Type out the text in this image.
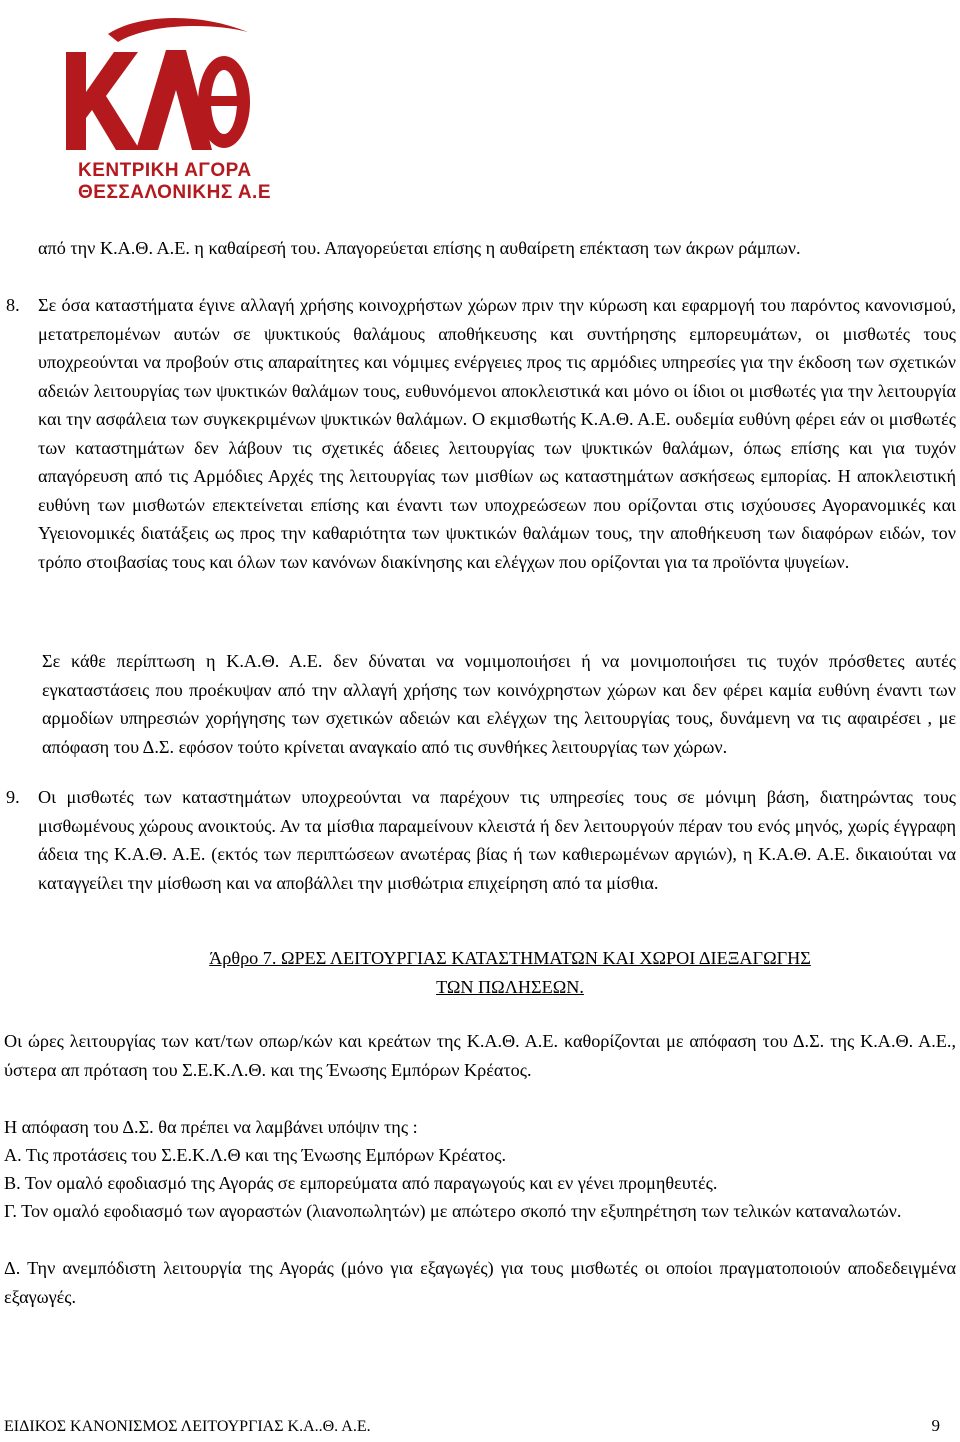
ΚΕΝΤΡΙΚΗ ΑΓΟΡΑ
ΘΕΣΣΑΛΟΝΙΚΗΣ Α.Ε
από την Κ.Α.Θ. Α.Ε. η καθαίρεσή του. Απαγορεύεται επίσης η αυθαίρετη επέκταση των άκρων ράμπων.
8. Σε όσα καταστήματα έγινε αλλαγή χρήσης κοινοχρήστων χώρων πριν την κύρωση και εφαρμογή του παρόντος κανονισμού, μετατρεπομένων αυτών σε ψυκτικούς θαλάμους αποθήκευσης και συντήρησης εμπορευμάτων, οι μισθωτές τους υποχρεούνται να προβούν στις απαραίτητες και νόμιμες ενέργειες προς τις αρμόδιες υπηρεσίες για την έκδοση των σχετικών αδειών λειτουργίας των ψυκτικών θαλάμων τους, ευθυνόμενοι αποκλειστικά και μόνο οι ίδιοι οι μισθωτές για την λειτουργία και την ασφάλεια των συγκεκριμένων ψυκτικών θαλάμων. Ο εκμισθωτής Κ.Α.Θ. Α.Ε. ουδεμία ευθύνη φέρει εάν οι μισθωτές των καταστημάτων δεν λάβουν τις σχετικές άδειες λειτουργίας των ψυκτικών θαλάμων, όπως επίσης και για τυχόν απαγόρευση από τις Αρμόδιες Αρχές της λειτουργίας των μισθίων ως καταστημάτων ασκήσεως εμπορίας. Η αποκλειστική ευθύνη των μισθωτών επεκτείνεται επίσης και έναντι των υποχρεώσεων που ορίζονται στις ισχύουσες Αγορανομικές και Υγειονομικές διατάξεις ως προς την καθαριότητα των ψυκτικών θαλάμων τους, την αποθήκευση των διαφόρων ειδών, τον τρόπο στοιβασίας τους και όλων των κανόνων διακίνησης και ελέγχων που ορίζονται για τα προϊόντα ψυγείων.
Σε κάθε περίπτωση η Κ.Α.Θ. Α.Ε. δεν δύναται να νομιμοποιήσει ή να μονιμοποιήσει τις τυχόν πρόσθετες αυτές εγκαταστάσεις που προέκυψαν από την αλλαγή χρήσης των κοινόχρηστων χώρων και δεν φέρει καμία ευθύνη έναντι των αρμοδίων υπηρεσιών χορήγησης των σχετικών αδειών και ελέγχων της λειτουργίας τους, δυνάμενη να τις αφαιρέσει , με απόφαση του Δ.Σ. εφόσον τούτο κρίνεται αναγκαίο από τις συνθήκες λειτουργίας των χώρων.
9. Οι μισθωτές των καταστημάτων υποχρεούνται να παρέχουν τις υπηρεσίες τους σε μόνιμη βάση, διατηρώντας τους μισθωμένους χώρους ανοικτούς. Αν τα μίσθια παραμείνουν κλειστά ή δεν λειτουργούν πέραν του ενός μηνός, χωρίς έγγραφη άδεια της Κ.Α.Θ. Α.Ε. (εκτός των περιπτώσεων ανωτέρας βίας ή των καθιερωμένων αργιών), η Κ.Α.Θ. Α.Ε. δικαιούται να καταγγείλει την μίσθωση και να αποβάλλει την μισθώτρια επιχείρηση από τα μίσθια.
Άρθρο 7. ΩΡΕΣ ΛΕΙΤΟΥΡΓΙΑΣ ΚΑΤΑΣΤΗΜΑΤΩΝ ΚΑΙ ΧΩΡΟΙ ΔΙΕΞΑΓΩΓΗΣ
ΤΩΝ ΠΩΛΗΣΕΩΝ.
Οι ώρες λειτουργίας των κατ/των οπωρ/κών και κρεάτων της Κ.Α.Θ. Α.Ε. καθορίζονται με απόφαση του Δ.Σ. της Κ.Α.Θ. Α.Ε., ύστερα απ πρόταση του Σ.Ε.Κ.Λ.Θ. και της Ένωσης Εμπόρων Κρέατος.
Η απόφαση του Δ.Σ. θα πρέπει να λαμβάνει υπόψιν της :
Α. Τις προτάσεις του Σ.Ε.Κ.Λ.Θ και της Ένωσης Εμπόρων Κρέατος.
Β. Τον ομαλό εφοδιασμό της Αγοράς σε εμπορεύματα από παραγωγούς και εν γένει προμηθευτές.
Γ. Τον ομαλό εφοδιασμό των αγοραστών (λιανοπωλητών) με απώτερο σκοπό την εξυπηρέτηση των τελικών καταναλωτών.
Δ. Την ανεμπόδιστη λειτουργία της Αγοράς (μόνο για εξαγωγές) για τους μισθωτές οι οποίοι πραγματοποιούν αποδεδειγμένα εξαγωγές.
ΕΙΔΙΚΟΣ ΚΑΝΟΝΙΣΜΟΣ ΛΕΙΤΟΥΡΓΙΑΣ Κ.Α..Θ. Α.Ε.	9
